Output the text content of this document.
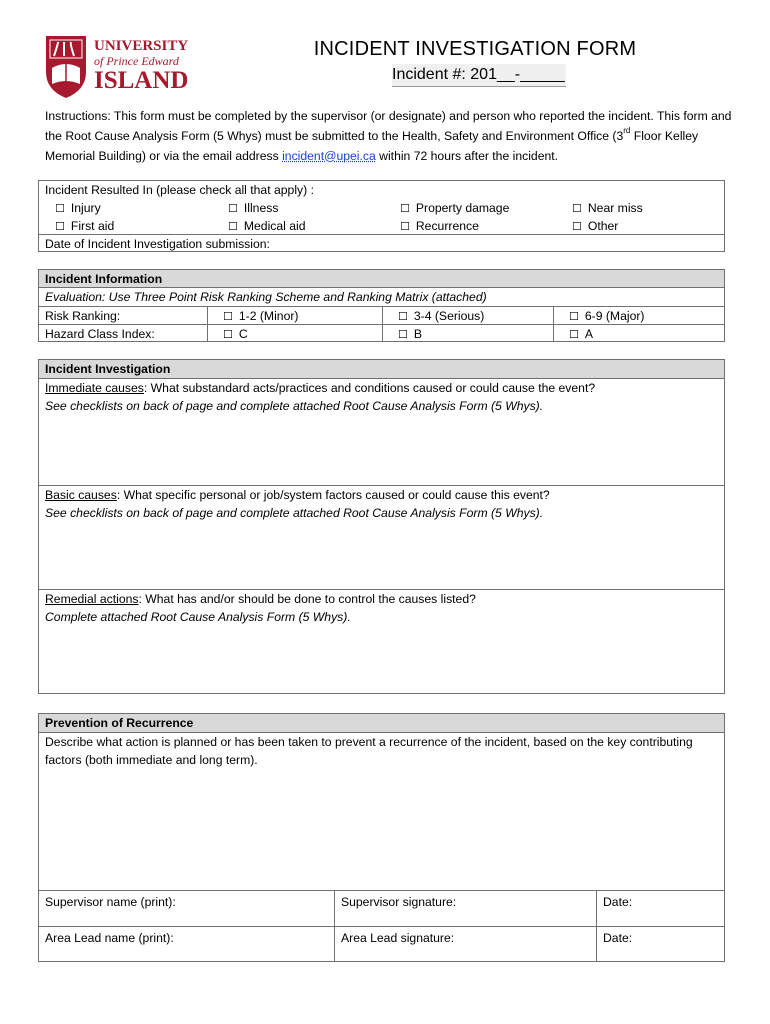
UNIVERSITY
of Prince Edward
ISLAND
INCIDENT INVESTIGATION FORM
Incident #: 201__-_____
Instructions: This form must be completed by the supervisor (or designate) and person who reported the incident. This form and the Root Cause Analysis Form (5 Whys) must be submitted to the Health, Safety and Environment Office (3rd Floor Kelley Memorial Building) or via the email address incident@upei.ca within 72 hours after the incident.
Incident Resulted In (please check all that apply) :
☐ Injury	☐ Illness	☐ Property damage	☐ Near miss
☐ First aid	☐ Medical aid	☐ Recurrence	☐ Other
Date of Incident Investigation submission:
Incident Information
Evaluation: Use Three Point Risk Ranking Scheme and Ranking Matrix (attached)
Risk Ranking:	☐ 1-2 (Minor)	☐ 3-4 (Serious)	☐ 6-9 (Major)
Hazard Class Index:	☐ C	☐ B	☐ A
Incident Investigation
Immediate causes: What substandard acts/practices and conditions caused or could cause the event?
See checklists on back of page and complete attached Root Cause Analysis Form (5 Whys).
Basic causes: What specific personal or job/system factors caused or could cause this event?
See checklists on back of page and complete attached Root Cause Analysis Form (5 Whys).
Remedial actions: What has and/or should be done to control the causes listed?
Complete attached Root Cause Analysis Form (5 Whys).
Prevention of Recurrence
Describe what action is planned or has been taken to prevent a recurrence of the incident, based on the key contributing factors (both immediate and long term).
Supervisor name (print):	Supervisor signature:	Date:
Area Lead name (print):	Area Lead signature:	Date:
